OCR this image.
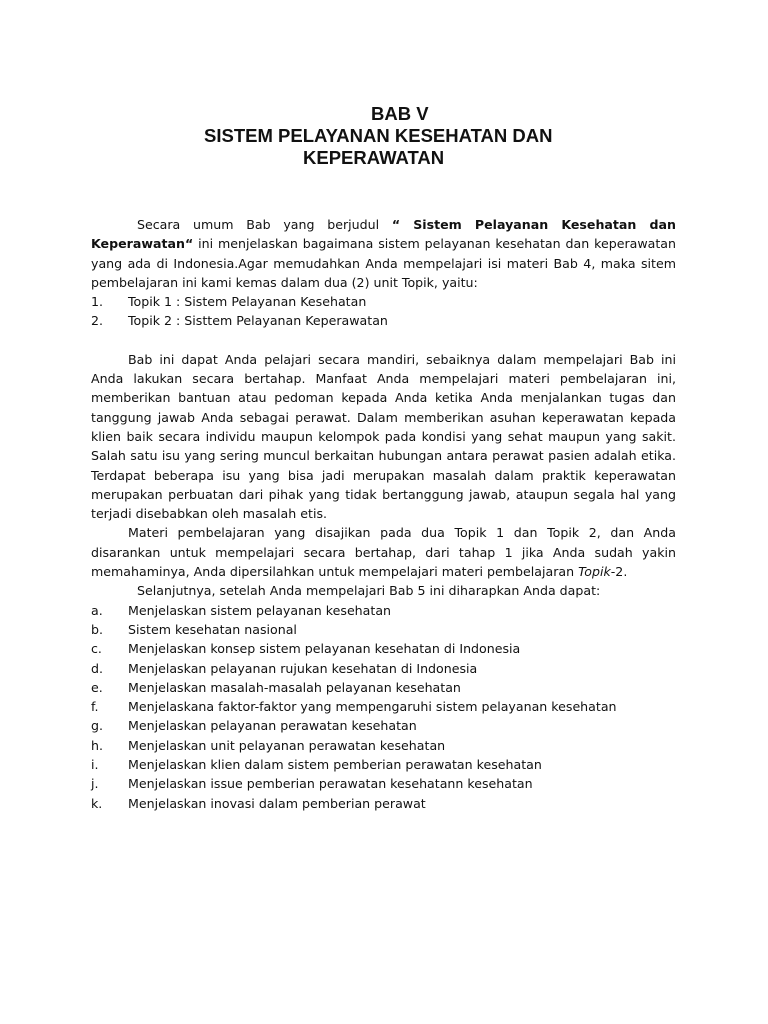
BAB V
SISTEM PELAYANAN KESEHATAN DAN
KEPERAWATAN

Secara umum Bab yang berjudul “ Sistem Pelayanan Kesehatan dan Keperawatan“ ini menjelaskan bagaimana sistem pelayanan kesehatan dan keperawatan yang ada di Indonesia.Agar memudahkan Anda mempelajari isi materi Bab 4, maka sitem pembelajaran ini kami kemas dalam dua (2) unit Topik, yaitu:

1. Topik 1 : Sistem Pelayanan Kesehatan
2. Topik 2 : Sisttem Pelayanan Keperawatan

Bab ini dapat Anda pelajari secara mandiri, sebaiknya dalam mempelajari Bab ini Anda lakukan secara bertahap. Manfaat Anda mempelajari materi pembelajaran ini, memberikan bantuan atau pedoman kepada Anda ketika Anda menjalankan tugas dan tanggung jawab Anda sebagai perawat. Dalam memberikan asuhan keperawatan kepada klien baik secara individu maupun kelompok pada kondisi yang sehat maupun yang sakit. Salah satu isu yang sering muncul berkaitan hubungan antara perawat pasien adalah etika. Terdapat beberapa isu yang bisa jadi merupakan masalah dalam praktik keperawatan merupakan perbuatan dari pihak yang tidak bertanggung jawab, ataupun segala hal yang terjadi disebabkan oleh masalah etis.

Materi pembelajaran yang disajikan pada dua Topik 1 dan Topik 2, dan Anda disarankan untuk mempelajari secara bertahap, dari tahap 1 jika Anda sudah yakin memahaminya, Anda dipersilahkan untuk mempelajari materi pembelajaran Topik-2.

Selanjutnya, setelah Anda mempelajari Bab 5 ini diharapkan Anda dapat:

a. Menjelaskan sistem pelayanan kesehatan
b. Sistem kesehatan nasional
c. Menjelaskan konsep sistem pelayanan kesehatan di Indonesia
d. Menjelaskan pelayanan rujukan kesehatan di Indonesia
e. Menjelaskan masalah-masalah pelayanan kesehatan
f. Menjelaskana faktor-faktor yang mempengaruhi sistem pelayanan kesehatan
g. Menjelaskan pelayanan perawatan kesehatan
h. Menjelaskan unit pelayanan perawatan kesehatan
i. Menjelaskan klien dalam sistem pemberian perawatan kesehatan
j. Menjelaskan issue pemberian perawatan kesehatann kesehatan
k. Menjelaskan inovasi dalam pemberian perawat
